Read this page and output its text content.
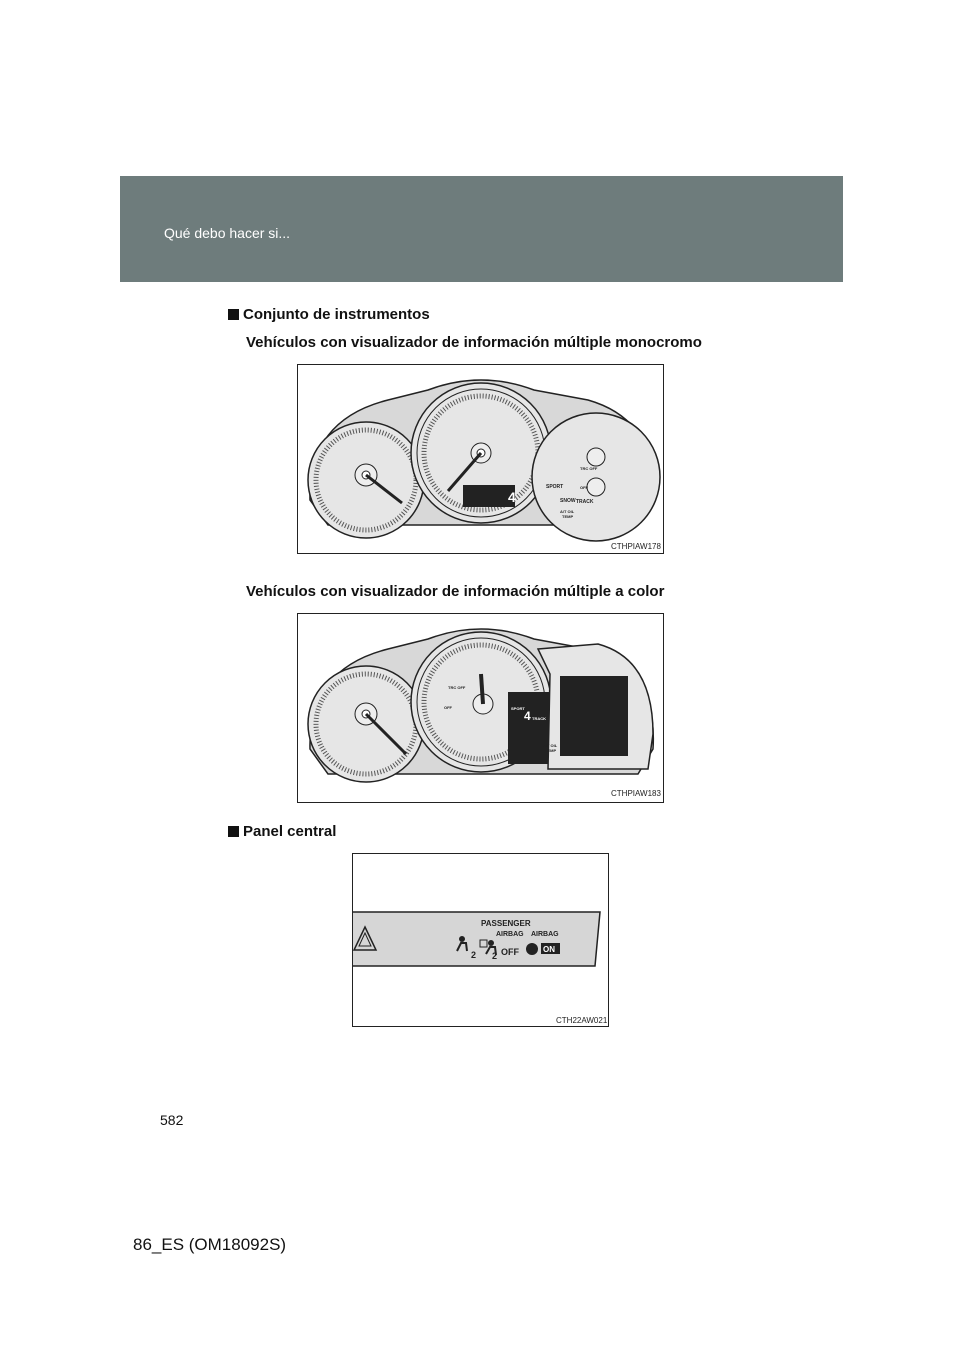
Qué debo hacer si...
Conjunto de instrumentos
Vehículos con visualizador de información múltiple monocromo
4
SPORT
SNOW TRACK
TRC OFF
OFF
A/T OIL
TEMP
CTHPIAW178
Vehículos con visualizador de información múltiple a color
SPORT
4 TRACK
TRC OFF
OFF
A/T OIL
TEMP
CTHPIAW183
Panel central
PASSENGER
AIRBAG AIRBAG
2 2 OFF	ON
CTH22AW021
582
86_ES (OM18092S)
